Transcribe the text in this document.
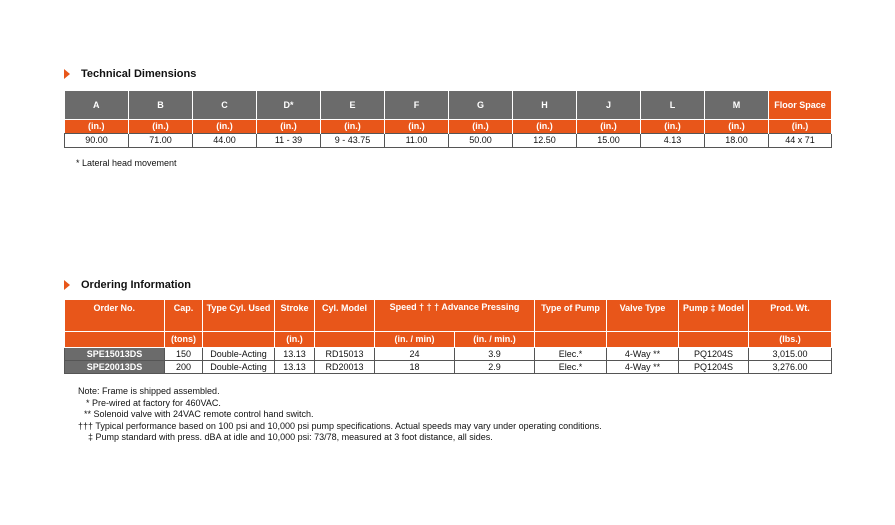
Technical Dimensions
A	B	C	D*	E	F	G	H	J	L	M	Floor Space
(in.)	(in.)	(in.)	(in.)	(in.)	(in.)	(in.)	(in.)	(in.)	(in.)	(in.)	(in.)
90.00	71.00	44.00	11 - 39	9 - 43.75	11.00	50.00	12.50	15.00	4.13	18.00	44 x 71
* Lateral head movement
Ordering Information
Order No.	Cap.	Type Cyl. Used	Stroke	Cyl. Model	Speed † † † Advance Pressing		Type of Pump	Valve Type	Pump ‡ Model	Prod. Wt.

	(tons)		(in.)		(in. / min)	(in. / min.)				(lbs.)
SPE15013DS	150	Double-Acting	13.13	RD15013	24	3.9	Elec.*	4-Way **	PQ1204S	3,015.00
SPE20013DS	200	Double-Acting	13.13	RD20013	18	2.9	Elec.*	4-Way **	PQ1204S	3,276.00
Note: Frame is shipped assembled.
* Pre-wired at factory for 460VAC.
** Solenoid valve with 24VAC remote control hand switch.
††† Typical performance based on 100 psi and 10,000 psi pump specifications. Actual speeds may vary under operating conditions.
‡ Pump standard with press. dBA at idle and 10,000 psi: 73/78, measured at 3 foot distance, all sides.
